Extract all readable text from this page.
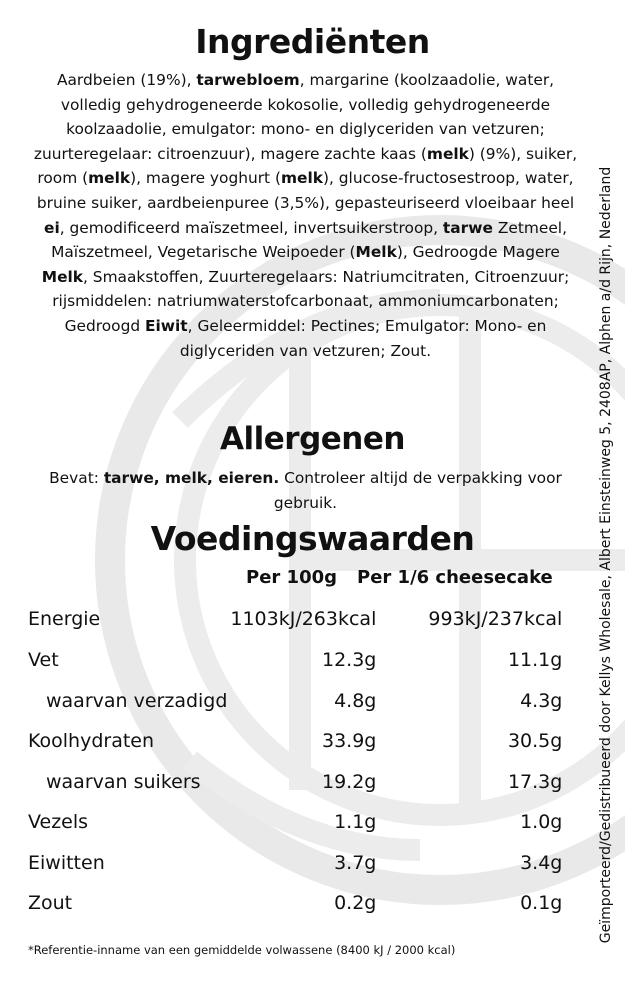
Ingrediënten
Aardbeien (19%), tarwebloem, margarine (koolzaadolie, water, volledig gehydrogeneerde kokosolie, volledig gehydrogeneerde koolzaadolie, emulgator: mono- en diglyceriden van vetzuren; zuurteregelaar: citroenzuur), magere zachte kaas (melk) (9%), suiker, room (melk), magere yoghurt (melk), glucose-fructosestroop, water, bruine suiker, aardbeienpuree (3,5%), gepasteuriseerd vloeibaar heel ei, gemodificeerd maïszetmeel, invertsuikerstroop, tarwe Zetmeel, Maïszetmeel, Vegetarische Weipoeder (Melk), Gedroogde Magere Melk, Smaakstoffen, Zuurteregelaars: Natriumcitraten, Citroenzuur; rijsmiddelen: natriumwaterstofcarbonaat, ammoniumcarbonaten; Gedroogd Eiwit, Geleermiddel: Pectines; Emulgator: Mono- en diglyceriden van vetzuren; Zout.
Allergenen
Bevat: tarwe, melk, eieren. Controleer altijd de verpakking voor gebruik.
Voedingswaarden
Per 100g Per 1/6 cheesecake
Energie	1103kJ/263kcal	993kJ/237kcal	
Vet	12.3g	11.1g	
waarvan verzadigd	4.8g	4.3g	
Koolhydraten	33.9g	30.5g	
waarvan suikers	19.2g	17.3g	
Vezels	1.1g	1.0g	
Eiwitten	3.7g	3.4g	
Zout	0.2g	0.1g	
*Referentie-inname van een gemiddelde volwassene (8400 kJ / 2000 kcal)
Geïmporteerd/Gedistribueerd door Kellys Wholesale, Albert Einsteinweg 5, 2408AP, Alphen a/d Rijn, Nederland
